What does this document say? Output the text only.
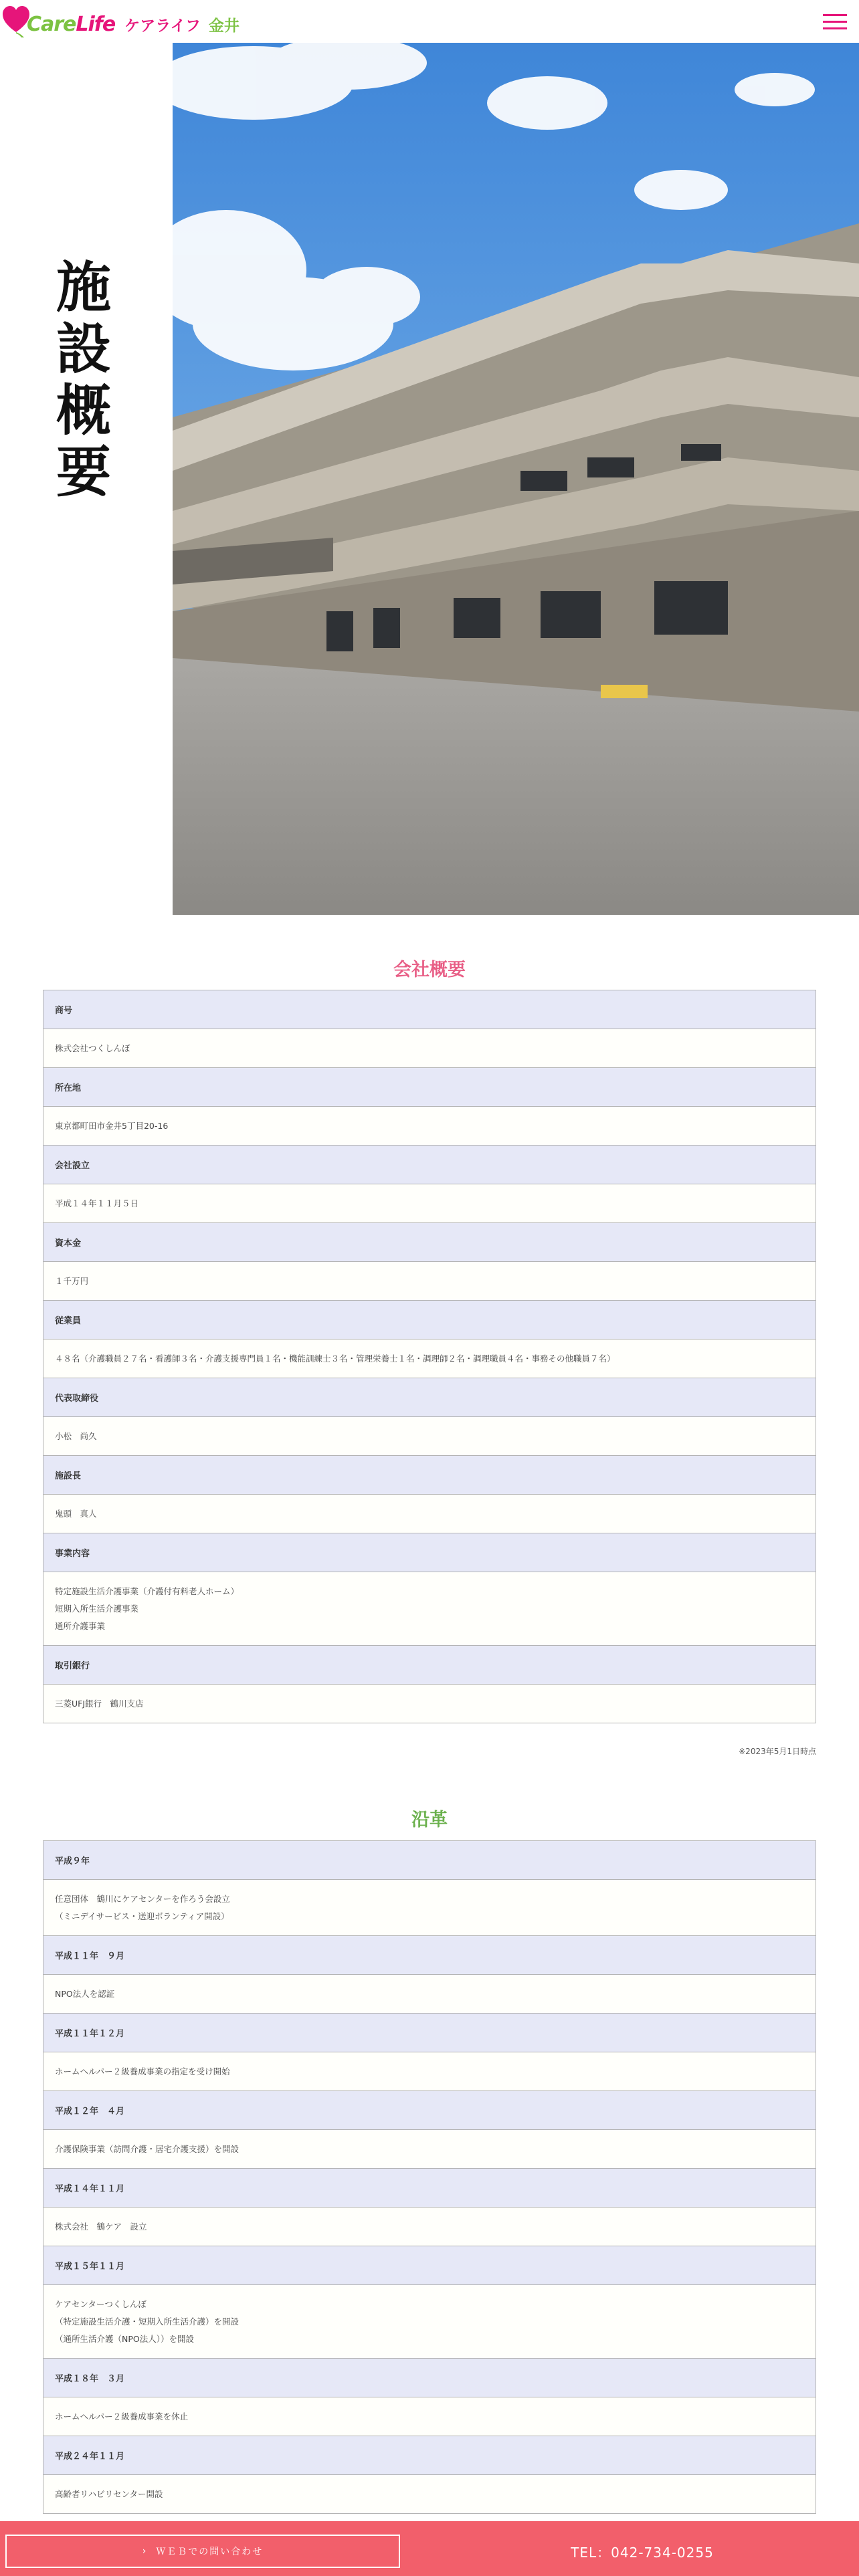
CareLife ケアライフ 金井
施設概要
会社概要
商号
株式会社つくしんぼ
所在地
東京都町田市金井5丁目20-16
会社設立
平成１４年１１月５日
資本金
１千万円
従業員
４８名（介護職員２７名・看護師３名・介護支援専門員１名・機能訓練士３名・管理栄養士１名・調理師２名・調理職員４名・事務その他職員７名）
代表取締役
小松　尚久
施設長
鬼頭　真人
事業内容
特定施設生活介護事業（介護付有料老人ホーム）
短期入所生活介護事業
通所介護事業
取引銀行
三菱UFJ銀行　鶴川支店
※2023年5月1日時点
沿革
平成９年
任意団体　鶴川にケアセンターを作ろう会設立
（ミニデイサービス・送迎ボランティア開設）
平成１１年　９月
NPO法人を認証
平成１１年１２月
ホームヘルパー２級養成事業の指定を受け開始
平成１２年　４月
介護保険事業（訪問介護・居宅介護支援）を開設
平成１４年１１月
株式会社　鶴ケア　設立
平成１５年１１月
ケアセンターつくしんぼ
（特定施設生活介護・短期入所生活介護）を開設
（通所生活介護（NPO法人））を開設
平成１８年　３月
ホームヘルパー２級養成事業を休止
平成２４年１１月
高齢者リハビリセンター開設
› ＷＥＢでの問い合わせ	TEL：042-734-0255
